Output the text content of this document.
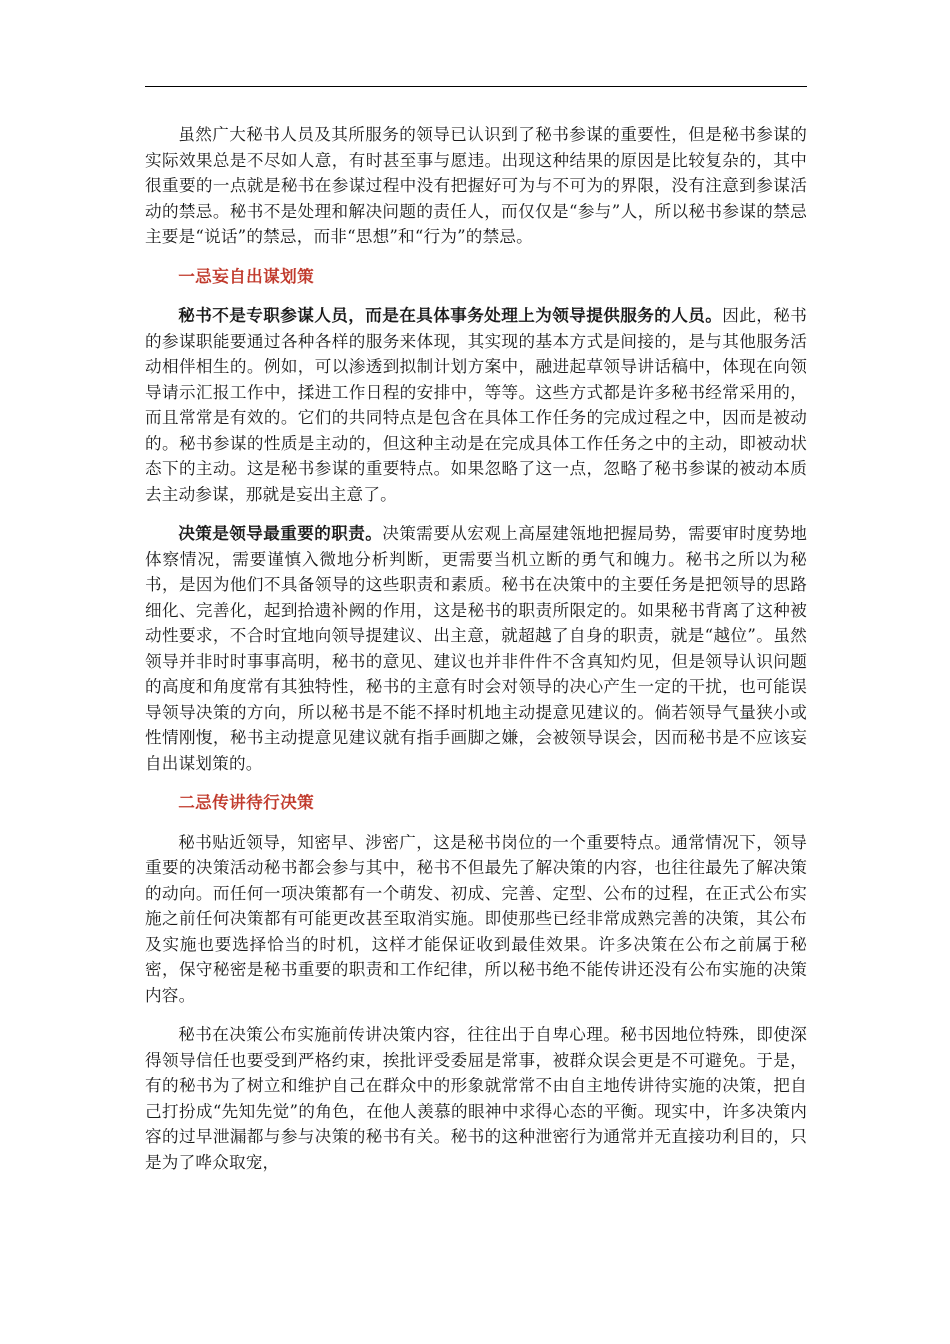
虽然广大秘书人员及其所服务的领导已认识到了秘书参谋的重要性，但是秘书参谋的实际效果总是不尽如人意，有时甚至事与愿违。出现这种结果的原因是比较复杂的，其中很重要的一点就是秘书在参谋过程中没有把握好可为与不可为的界限，没有注意到参谋活动的禁忌。秘书不是处理和解决问题的责任人，而仅仅是“参与”人，所以秘书参谋的禁忌主要是“说话”的禁忌，而非“思想”和“行为”的禁忌。

一忌妄自出谋划策

秘书不是专职参谋人员，而是在具体事务处理上为领导提供服务的人员。因此，秘书的参谋职能要通过各种各样的服务来体现，其实现的基本方式是间接的，是与其他服务活动相伴相生的。例如，可以渗透到拟制计划方案中，融进起草领导讲话稿中，体现在向领导请示汇报工作中，揉进工作日程的安排中，等等。这些方式都是许多秘书经常采用的，而且常常是有效的。它们的共同特点是包含在具体工作任务的完成过程之中，因而是被动的。秘书参谋的性质是主动的，但这种主动是在完成具体工作任务之中的主动，即被动状态下的主动。这是秘书参谋的重要特点。如果忽略了这一点，忽略了秘书参谋的被动本质去主动参谋，那就是妄出主意了。

决策是领导最重要的职责。决策需要从宏观上高屋建瓴地把握局势，需要审时度势地体察情况，需要谨慎入微地分析判断，更需要当机立断的勇气和魄力。秘书之所以为秘书，是因为他们不具备领导的这些职责和素质。秘书在决策中的主要任务是把领导的思路细化、完善化，起到拾遗补阙的作用，这是秘书的职责所限定的。如果秘书背离了这种被动性要求，不合时宜地向领导提建议、出主意，就超越了自身的职责，就是“越位”。虽然领导并非时时事事高明，秘书的意见、建议也并非件件不含真知灼见，但是领导认识问题的高度和角度常有其独特性，秘书的主意有时会对领导的决心产生一定的干扰，也可能误导领导决策的方向，所以秘书是不能不择时机地主动提意见建议的。倘若领导气量狭小或性情刚愎，秘书主动提意见建议就有指手画脚之嫌，会被领导误会，因而秘书是不应该妄自出谋划策的。

二忌传讲待行决策

秘书贴近领导，知密早、涉密广，这是秘书岗位的一个重要特点。通常情况下，领导重要的决策活动秘书都会参与其中，秘书不但最先了解决策的内容，也往往最先了解决策的动向。而任何一项决策都有一个萌发、初成、完善、定型、公布的过程，在正式公布实施之前任何决策都有可能更改甚至取消实施。即使那些已经非常成熟完善的决策，其公布及实施也要选择恰当的时机，这样才能保证收到最佳效果。许多决策在公布之前属于秘密，保守秘密是秘书重要的职责和工作纪律，所以秘书绝不能传讲还没有公布实施的决策内容。

秘书在决策公布实施前传讲决策内容，往往出于自卑心理。秘书因地位特殊，即使深得领导信任也要受到严格约束，挨批评受委屈是常事，被群众误会更是不可避免。于是，有的秘书为了树立和维护自己在群众中的形象就常常不由自主地传讲待实施的决策，把自己打扮成“先知先觉”的角色，在他人羡慕的眼神中求得心态的平衡。现实中，许多决策内容的过早泄漏都与参与决策的秘书有关。秘书的这种泄密行为通常并无直接功利目的，只是为了哗众取宠，
